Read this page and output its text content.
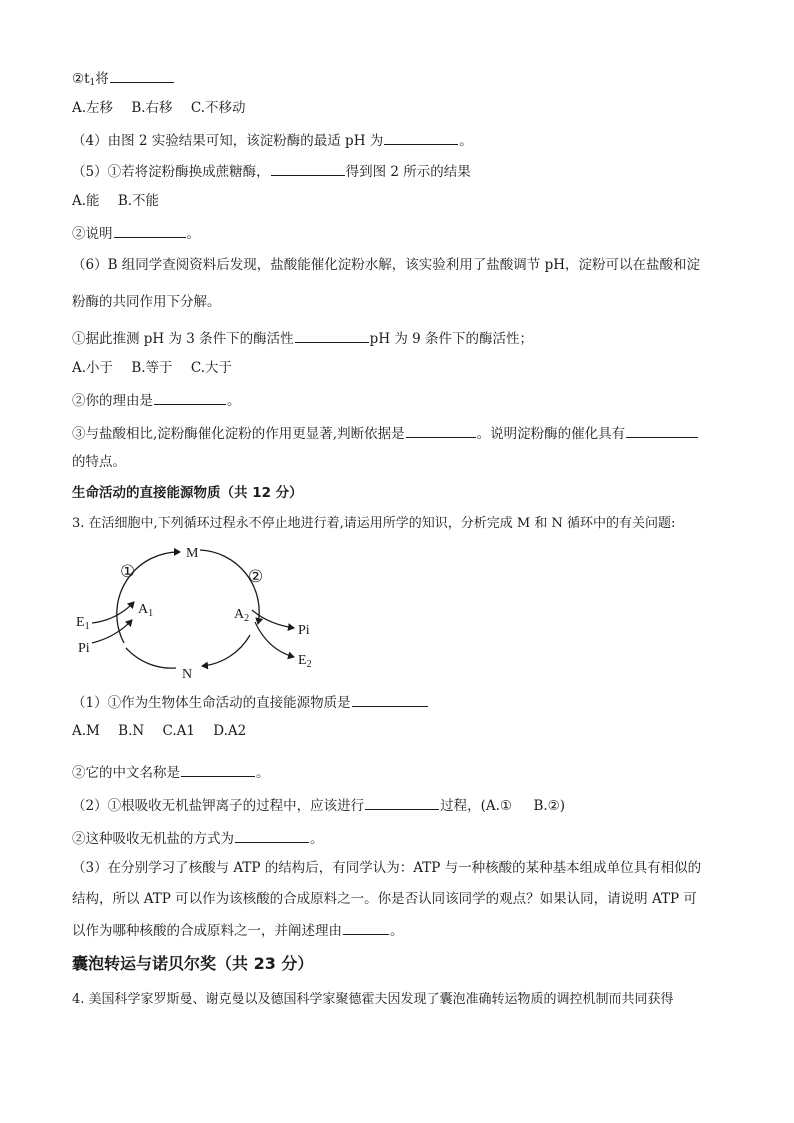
$②t_1$将
A.左移 B.右移 C.不移动
（4）由图 2 实验结果可知，该淀粉酶的最适 pH 为	。
（5）①若将淀粉酶换成蔗糖酶，	得到图 2 所示的结果
A.能 B.不能
②说明	。
（6）B 组同学查阅资料后发现，盐酸能催化淀粉水解，该实验利用了盐酸调节 pH，淀粉可以在盐酸和淀
粉酶的共同作用下分解。
①据此推测 pH 为 3 条件下的酶活性	pH 为 9 条件下的酶活性；
A.小于 B.等于 C.大于
②你的理由是	。
③与盐酸相比,淀粉酶催化淀粉的作用更显著,判断依据是	。说明淀粉酶的催化具有
的特点。
生命活动的直接能源物质（共 12 分）
3. 在活细胞中,下列循环过程永不停止地进行着,请运用所学的知识，分析完成 M 和 N 循环中的有关问题:
M
N
①	②
$A_1$	$A_2$
$E_1$
Pi
Pi
$E_2$
（1）①作为生物体生命活动的直接能源物质是
A.M B.N C.A1 D.A2
②它的中文名称是	。
（2）①根吸收无机盐钾离子的过程中，应该进行	过程，(A.①     B.②)
②这种吸收无机盐的方式为	。
（3）在分别学习了核酸与 ATP 的结构后，有同学认为：ATP 与一种核酸的某种基本组成单位具有相似的
结构，所以 ATP 可以作为该核酸的合成原料之一。你是否认同该同学的观点？如果认同，请说明 ATP 可
以作为哪种核酸的合成原料之一，并阐述理由	。
囊泡转运与诺贝尔奖（共 23 分）
4. 美国科学家罗斯曼、谢克曼以及德国科学家聚德霍夫因发现了囊泡准确转运物质的调控机制而共同获得
